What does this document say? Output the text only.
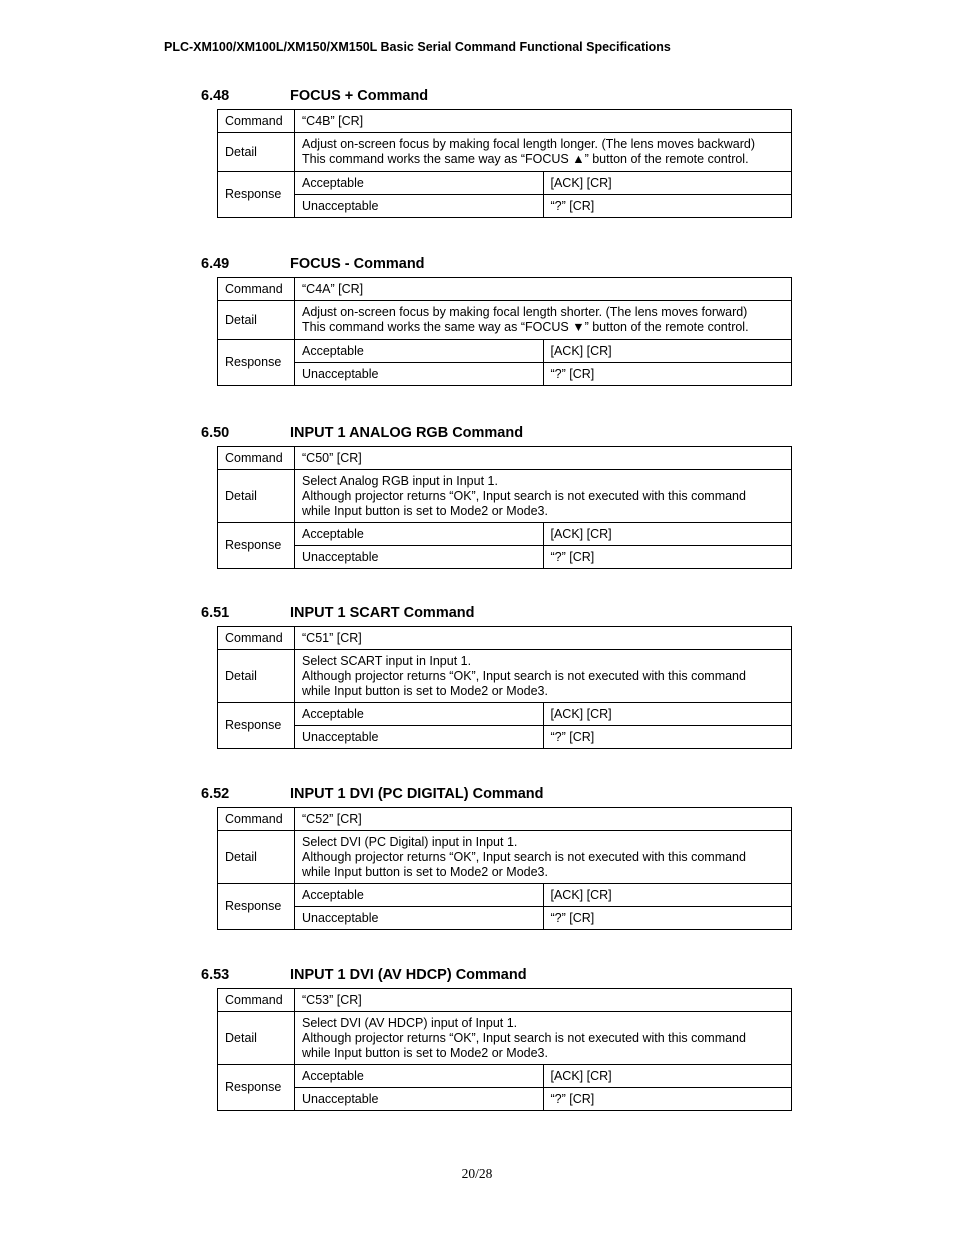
PLC-XM100/XM100L/XM150/XM150L Basic Serial Command Functional Specifications
6.48	FOCUS + Command
Command	“C4B” [CR]	
Detail	Adjust on-screen focus by making focal length longer. (The lens moves backward)
This command works the same way as “FOCUS ▲” button of the remote control.	

Response	Acceptable	[ACK] [CR]
	Unacceptable	“?” [CR]
6.49	FOCUS - Command
Command	“C4A” [CR]	
Detail	Adjust on-screen focus by making focal length shorter. (The lens moves forward)
This command works the same way as “FOCUS ▼” button of the remote control.	

Response	Acceptable	[ACK] [CR]
	Unacceptable	“?” [CR]
6.50	INPUT 1 ANALOG RGB Command
Command	“C50” [CR]	
Detail	Select Analog RGB input in Input 1.
Although projector returns “OK”, Input search is not executed with this command
while Input button is set to Mode2 or Mode3.	

Response	Acceptable	[ACK] [CR]
	Unacceptable	“?” [CR]
6.51	INPUT 1 SCART Command
Command	“C51” [CR]	
Detail	Select SCART input in Input 1.
Although projector returns “OK”, Input search is not executed with this command
while Input button is set to Mode2 or Mode3.	

Response	Acceptable	[ACK] [CR]
	Unacceptable	“?” [CR]
6.52	INPUT 1 DVI (PC DIGITAL) Command
Command	“C52” [CR]	
Detail	Select DVI (PC Digital) input in Input 1.
Although projector returns “OK”, Input search is not executed with this command
while Input button is set to Mode2 or Mode3.	

Response	Acceptable	[ACK] [CR]
	Unacceptable	“?” [CR]
6.53	INPUT 1 DVI (AV HDCP) Command
Command	“C53” [CR]	
Detail	Select DVI (AV HDCP) input of Input 1.
Although projector returns “OK”, Input search is not executed with this command
while Input button is set to Mode2 or Mode3.	

Response	Acceptable	[ACK] [CR]
	Unacceptable	“?” [CR]
20/28
